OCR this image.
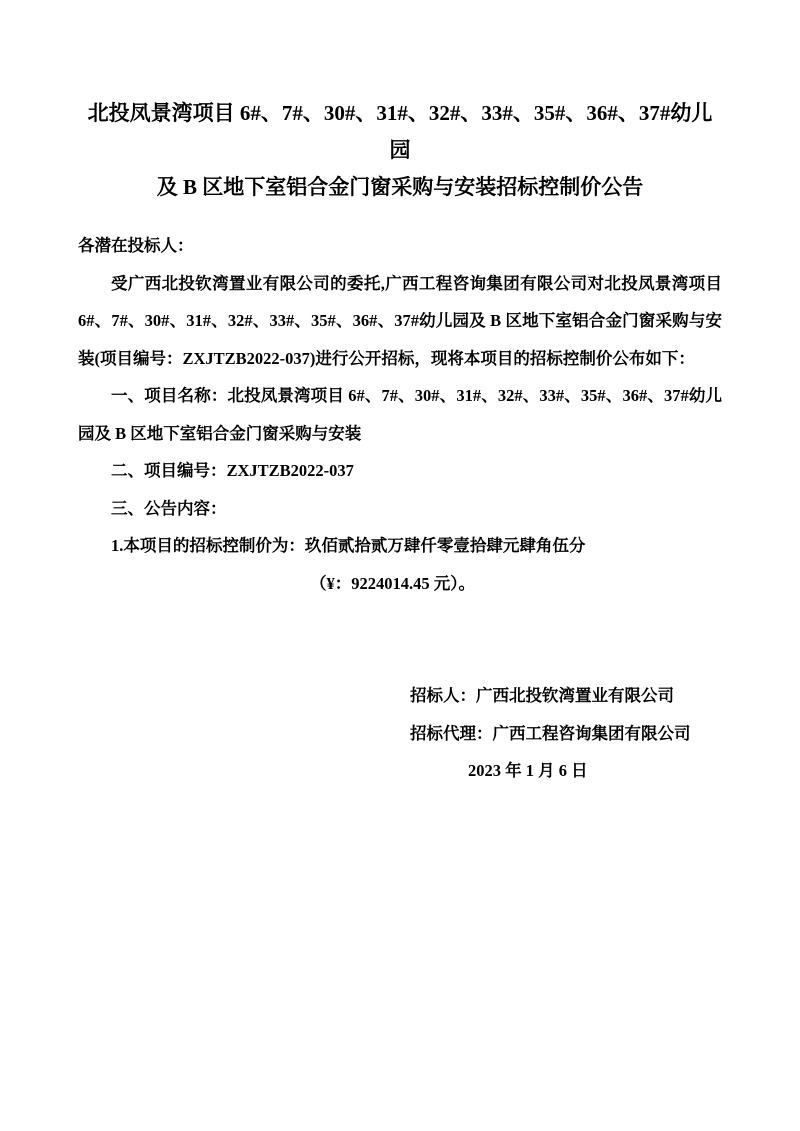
北投凤景湾项目 6#、7#、30#、31#、32#、33#、35#、36#、37#幼儿园
及 B 区地下室铝合金门窗采购与安装招标控制价公告
各潜在投标人：
受广西北投钦湾置业有限公司的委托,广西工程咨询集团有限公司对北投凤景湾项目
6#、7#、30#、31#、32#、33#、35#、36#、37#幼儿园及 B 区地下室铝合金门窗采购与安
装(项目编号：ZXJTZB2022-037)进行公开招标，现将本项目的招标控制价公布如下：
一、项目名称：北投凤景湾项目 6#、7#、30#、31#、32#、33#、35#、36#、37#幼儿
园及 B 区地下室铝合金门窗采购与安装
二、项目编号：ZXJTZB2022-037
三、公告内容：
1.本项目的招标控制价为：玖佰贰拾贰万肆仟零壹拾肆元肆角伍分
（¥：9224014.45 元）。
招标人：广西北投钦湾置业有限公司
招标代理：广西工程咨询集团有限公司
2023 年 1 月 6 日
